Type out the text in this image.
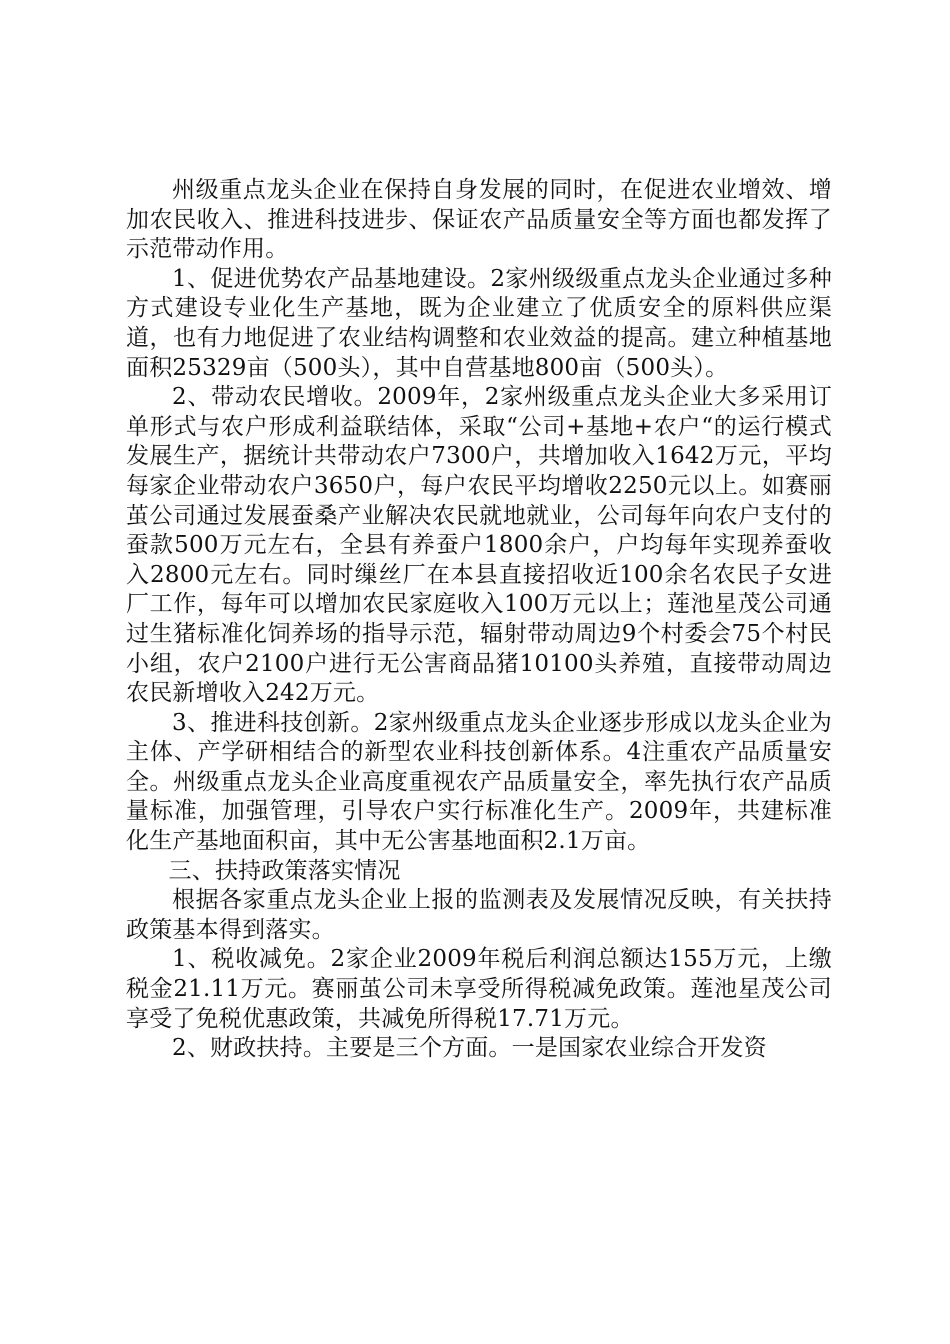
州级重点龙头企业在保持自身发展的同时，在促进农业增效、增加农民收入、推进科技进步、保证农产品质量安全等方面也都发挥了示范带动作用。

1、促进优势农产品基地建设。2家州级级重点龙头企业通过多种方式建设专业化生产基地，既为企业建立了优质安全的原料供应渠道，也有力地促进了农业结构调整和农业效益的提高。建立种植基地面积25329亩（500头），其中自营基地800亩（500头）。

2、带动农民增收。2009年，2家州级重点龙头企业大多采用订单形式与农户形成利益联结体，采取“公司+基地+农户“的运行模式发展生产，据统计共带动农户7300户，共增加收入1642万元，平均每家企业带动农户3650户，每户农民平均增收2250元以上。如赛丽茧公司通过发展蚕桑产业解决农民就地就业，公司每年向农户支付的蚕款500万元左右，全县有养蚕户1800余户，户均每年实现养蚕收入2800元左右。同时缫丝厂在本县直接招收近100余名农民子女进厂工作，每年可以增加农民家庭收入100万元以上；莲池星茂公司通过生猪标准化饲养场的指导示范，辐射带动周边9个村委会75个村民小组，农户2100户进行无公害商品猪10100头养殖，直接带动周边农民新增收入242万元。

3、推进科技创新。2家州级重点龙头企业逐步形成以龙头企业为主体、产学研相结合的新型农业科技创新体系。4注重农产品质量安全。州级重点龙头企业高度重视农产品质量安全，率先执行农产品质量标准，加强管理，引导农户实行标准化生产。2009年，共建标准化生产基地面积亩，其中无公害基地面积2.1万亩。

三、扶持政策落实情况

根据各家重点龙头企业上报的监测表及发展情况反映，有关扶持政策基本得到落实。

1、税收减免。2家企业2009年税后利润总额达155万元，上缴税金21.11万元。赛丽茧公司未享受所得税减免政策。莲池星茂公司享受了免税优惠政策，共减免所得税17.71万元。

2、财政扶持。主要是三个方面。一是国家农业综合开发资
